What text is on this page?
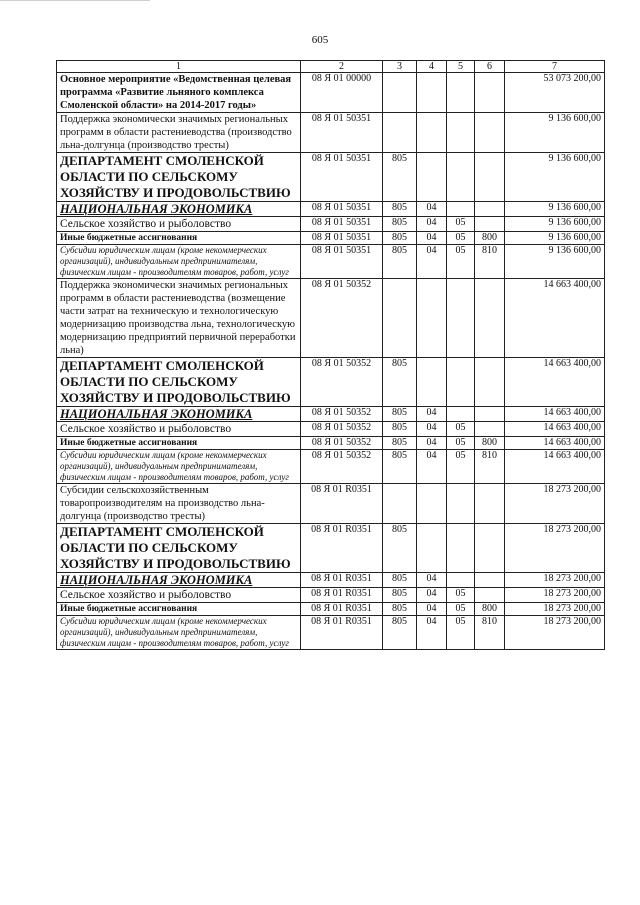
605
1	2	3	4	5	6	7
Основное мероприятие «Ведомственная целевая программа «Развитие льняного комплекса Смоленской области» на 2014-2017 годы»	08 Я 01 00000					53 073 200,00
Поддержка экономически значимых региональных программ в области растениеводства (производство льна-долгунца (производство тресты)	08 Я 01 50351					9 136 600,00
ДЕПАРТАМЕНТ СМОЛЕНСКОЙ ОБЛАСТИ ПО СЕЛЬСКОМУ ХОЗЯЙСТВУ И ПРОДОВОЛЬСТВИЮ	08 Я 01 50351	805				9 136 600,00
НАЦИОНАЛЬНАЯ ЭКОНОМИКА	08 Я 01 50351	805	04			9 136 600,00
Сельское хозяйство и рыболовство	08 Я 01 50351	805	04	05		9 136 600,00
Иные бюджетные ассигнования	08 Я 01 50351	805	04	05	800	9 136 600,00
Субсидии юридическим лицам (кроме некоммерческих организаций), индивидуальным предпринимателям, физическим лицам - производителям товаров, работ, услуг	08 Я 01 50351	805	04	05	810	9 136 600,00
Поддержка экономически значимых региональных программ в области растениеводства (возмещение части затрат на техническую и технологическую модернизацию производства льна, технологическую модернизацию предприятий первичной переработки льна)	08 Я 01 50352					14 663 400,00
ДЕПАРТАМЕНТ СМОЛЕНСКОЙ ОБЛАСТИ ПО СЕЛЬСКОМУ ХОЗЯЙСТВУ И ПРОДОВОЛЬСТВИЮ	08 Я 01 50352	805				14 663 400,00
НАЦИОНАЛЬНАЯ ЭКОНОМИКА	08 Я 01 50352	805	04			14 663 400,00
Сельское хозяйство и рыболовство	08 Я 01 50352	805	04	05		14 663 400,00
Иные бюджетные ассигнования	08 Я 01 50352	805	04	05	800	14 663 400,00
Субсидии юридическим лицам (кроме некоммерческих организаций), индивидуальным предпринимателям, физическим лицам - производителям товаров, работ, услуг	08 Я 01 50352	805	04	05	810	14 663 400,00
Субсидии сельскохозяйственным товаропроизводителям на производство льна-долгунца (производство тресты)	08 Я 01 R0351					18 273 200,00
ДЕПАРТАМЕНТ СМОЛЕНСКОЙ ОБЛАСТИ ПО СЕЛЬСКОМУ ХОЗЯЙСТВУ И ПРОДОВОЛЬСТВИЮ	08 Я 01 R0351	805				18 273 200,00
НАЦИОНАЛЬНАЯ ЭКОНОМИКА	08 Я 01 R0351	805	04			18 273 200,00
Сельское хозяйство и рыболовство	08 Я 01 R0351	805	04	05		18 273 200,00
Иные бюджетные ассигнования	08 Я 01 R0351	805	04	05	800	18 273 200,00
Субсидии юридическим лицам (кроме некоммерческих организаций), индивидуальным предпринимателям, физическим лицам - производителям товаров, работ, услуг	08 Я 01 R0351	805	04	05	810	18 273 200,00
